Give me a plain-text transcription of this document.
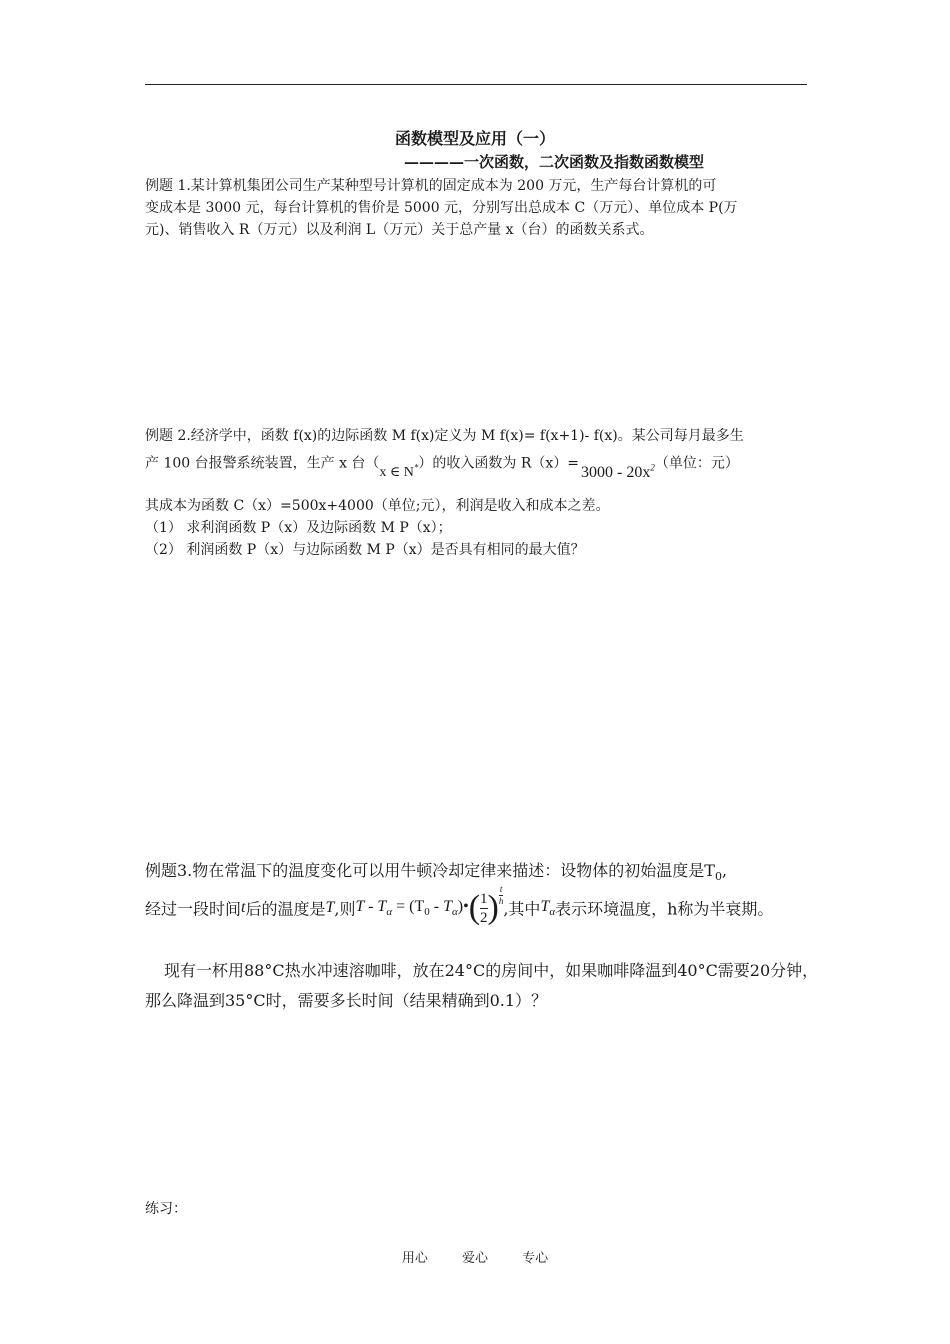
函数模型及应用（一）
————一次函数，二次函数及指数函数模型
例题 1.某计算机集团公司生产某种型号计算机的固定成本为 200 万元，生产每台计算机的可
变成本是 3000 元，每台计算机的售价是 5000 元，分别写出总成本 C（万元）、单位成本 P(万
元)、销售收入 R（万元）以及利润 L（万元）关于总产量 x（台）的函数关系式。
例题 2.经济学中，函数 f(x)的边际函数 M f(x)定义为 M f(x)= f(x+1)- f(x)。某公司每月最多生
产 100 台报警系统装置，生产 x 台（x ∈ N*）的收入函数为 $R(x)=3000 - 20x^2$（单位：元）
其成本为函数 C（x）=500x+4000（单位;元），利润是收入和成本之差。
（1） 求利润函数 P（x）及边际函数 M P（x）；
（2） 利润函数 P（x）与边际函数 M P（x）是否具有相同的最大值？
例题3.物在常温下的温度变化可以用牛顿冷却定律来描述：设物体的初始温度是$T_0$,
经过一段时间t后的温度是T,则$T - T_\alpha = (T_0$ - $T_\alpha)•( \frac{1}{2}$ ) $\frac{t}{h}$
,其中$T_\alpha$表示环境温度，h称为半衰期。
现有一杯用88°C热水冲速溶咖啡，放在24°C的房间中，如果咖啡降温到40°C需要20分钟，
那么降温到35°C时，需要多长时间（结果精确到0.1）？
练习：
用心	爱心	专心
